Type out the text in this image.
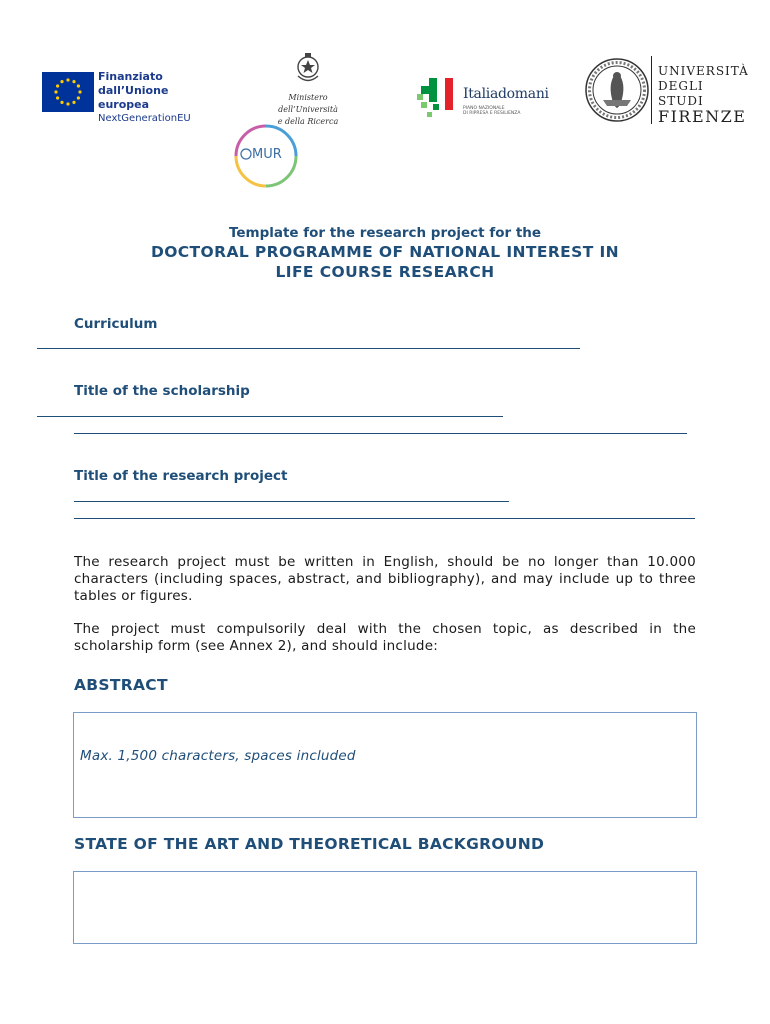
Finanziato
dall’Unione europea
NextGenerationEU
Ministero dell’Università
e della Ricerca
Italiadomani
PIANO NAZIONALE
DI RIPRESA E RESILIENZA
UNIVERSITÀ
DEGLI STUDI
FIRENZE
MUR
Template for the research project for the
DOCTORAL PROGRAMME OF NATIONAL INTEREST IN
LIFE COURSE RESEARCH
Curriculum
Title of the scholarship
Title of the research project
The research project must be written in English, should be no longer than 10.000 characters (including spaces, abstract, and bibliography), and may include up to three tables or figures.
The project must compulsorily deal with the chosen topic, as described in the scholarship form (see Annex 2), and should include:
ABSTRACT
Max. 1,500 characters, spaces included
STATE OF THE ART AND THEORETICAL BACKGROUND
